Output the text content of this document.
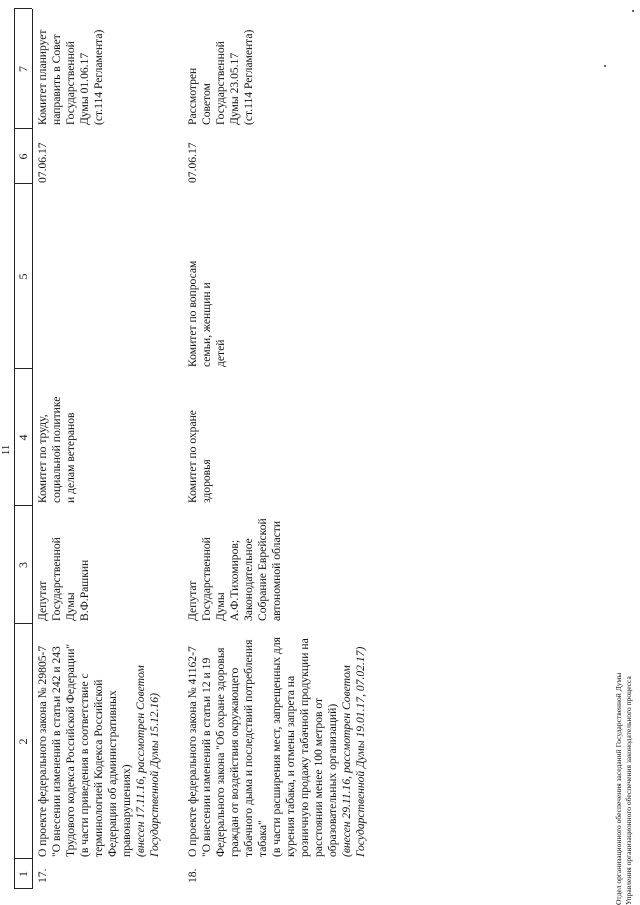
11
1
2
3
4
5
6
7
17.
О проекте федерального закона № 29805-7 "О внесении изменений в статьи 242 и 243 Трудового кодекса Российской Федерации" (в части приведения в соответствие с терминологией Кодекса Российской Федерации об административных правонарушениях) (внесен 17.11.16, рассмотрен Советом Государственной Думы 15.12.16)
Депутат Государственной Думы В.Ф.Рашкин
Комитет по труду, социальной политике и делам ветеранов
07.06.17
Комитет планирует направить в Совет Государственной Думы 01.06.17 (ст.114 Регламента)
18.
О проекте федерального закона № 41162-7 "О внесении изменений в статьи 12 и 19 Федерального закона "Об охране здоровья граждан от воздействия окружающего табачного дыма и последствий потребления табака" (в части расширения мест, запрещенных для курения табака, и отмены запрета на розничную продажу табачной продукции на расстоянии менее 100 метров от образовательных организаций) (внесен 29.11.16, рассмотрен Советом Государственной Думы 19.01.17, 07.02.17)
Депутат Государственной Думы А.Ф.Тихомиров; Законодательное Собрание Еврейской автономной области
Комитет по охране здоровья
Комитет по вопросам семьи, женщин и детей
07.06.17
Рассмотрен Советом Государственной Думы 23.05.17 (ст.114 Регламента)
Отдел организационного обеспечения заседаний Государственной Думы Управления организационного обеспечения законодательного процесса
